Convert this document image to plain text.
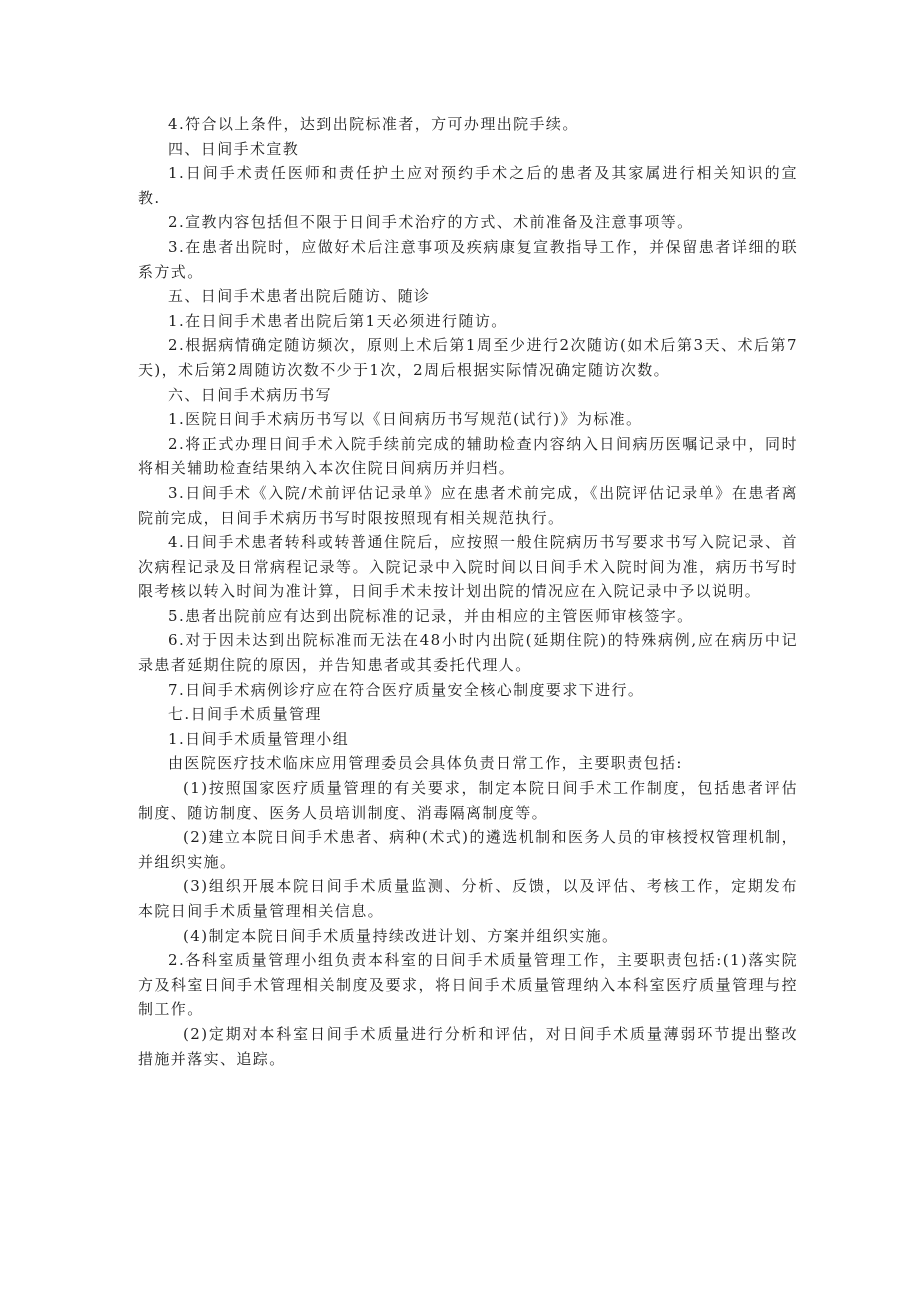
4.符合以上条件，达到出院标准者，方可办理出院手续。

四、日间手术宣教

1.日间手术责任医师和责任护土应对预约手术之后的患者及其家属进行相关知识的宣教.

2.宣教内容包括但不限于日间手术治疗的方式、术前准备及注意事项等。

3.在患者出院时，应做好术后注意事项及疾病康复宣教指导工作，并保留患者详细的联系方式。

五、日间手术患者出院后随访、随诊

1.在日间手术患者出院后第1天必须进行随访。

2.根据病情确定随访频次，原则上术后第1周至少进行2次随访(如术后第3天、术后第7天)，术后第2周随访次数不少于1次，2周后根据实际情况确定随访次数。

六、日间手术病历书写

1.医院日间手术病历书写以《日间病历书写规范(试行)》为标准。

2.将正式办理日间手术入院手续前完成的辅助检查内容纳入日间病历医嘱记录中，同时将相关辅助检查结果纳入本次住院日间病历并归档。

3.日间手术《入院/术前评估记录单》应在患者术前完成，《出院评估记录单》在患者离院前完成，日间手术病历书写时限按照现有相关规范执行。

4.日间手术患者转科或转普通住院后，应按照一般住院病历书写要求书写入院记录、首次病程记录及日常病程记录等。入院记录中入院时间以日间手术入院时间为准，病历书写时限考核以转入时间为准计算，日间手术未按计划出院的情况应在入院记录中予以说明。

5.患者出院前应有达到出院标准的记录，并由相应的主管医师审核签字。

6.对于因未达到出院标准而无法在48小时内出院(延期住院)的特殊病例,应在病历中记录患者延期住院的原因，并告知患者或其委托代理人。

7.日间手术病例诊疗应在符合医疗质量安全核心制度要求下进行。

七.日间手术质量管理

1.日间手术质量管理小组

由医院医疗技术临床应用管理委员会具体负责日常工作，主要职责包括:

(1)按照国家医疗质量管理的有关要求，制定本院日间手术工作制度，包括患者评估制度、随访制度、医务人员培训制度、消毒隔离制度等。

(2)建立本院日间手术患者、病种(术式)的遴选机制和医务人员的审核授权管理机制，并组织实施。

(3)组织开展本院日间手术质量监测、分析、反馈，以及评估、考核工作，定期发布本院日间手术质量管理相关信息。

(4)制定本院日间手术质量持续改进计划、方案并组织实施。

2.各科室质量管理小组负责本科室的日间手术质量管理工作，主要职责包括:(1)落实院方及科室日间手术管理相关制度及要求，将日间手术质量管理纳入本科室医疗质量管理与控制工作。

(2)定期对本科室日间手术质量进行分析和评估，对日间手术质量薄弱环节提出整改措施并落实、追踪。
